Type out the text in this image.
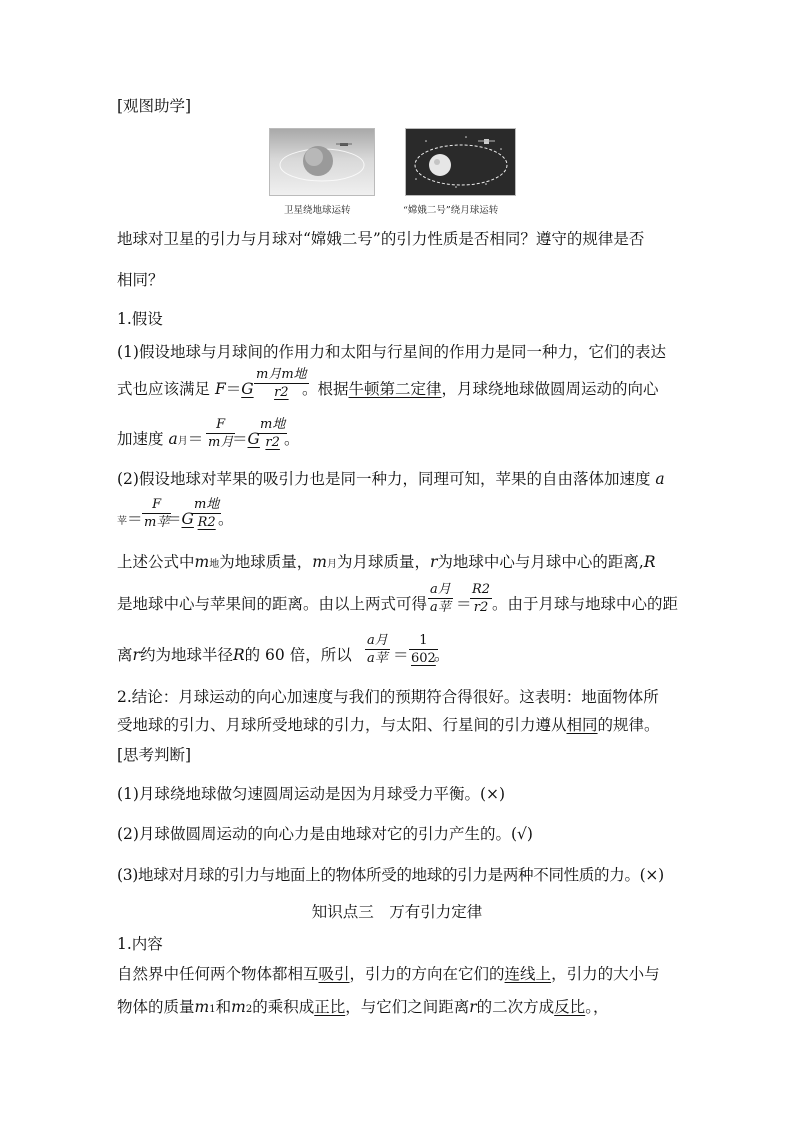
[观图助学]
卫星绕地球运转	“嫦娥二号”绕月球运转
地球对卫星的引力与月球对“嫦娥二号”的引力性质是否相同？遵守的规律是否
相同？
1.假设
(1)假设地球与月球间的作用力和太阳与行星间的作用力是同一种力，它们的表达
式也应该满足 F＝G
m月m地
r2 。根据牛顿第二定律，月球绕地球做圆周运动的向心
加速度 a月＝
F
m月
＝G
m地
r2 。
(2)假设地球对苹果的吸引力也是同一种力，同理可知，苹果的自由落体加速度 a
苹＝
F
m苹
＝G
m地
R2 。
上述公式中m地为地球质量，m月为月球质量，r为地球中心与月球中心的距离,R
是地球中心与苹果间的距离。由以上两式可得
a月
a苹 ＝
R2
r2 。由于月球与地球中心的距
离r约为地球半径R的 60 倍，所以
a月
a苹 ＝
1
602
。
2.结论：月球运动的向心加速度与我们的预期符合得很好。这表明：地面物体所
受地球的引力、月球所受地球的引力，与太阳、行星间的引力遵从相同的规律。
[思考判断]
(1)月球绕地球做匀速圆周运动是因为月球受力平衡。(×)
(2)月球做圆周运动的向心力是由地球对它的引力产生的。(√)
(3)地球对月球的引力与地面上的物体所受的地球的引力是两种不同性质的力。(×)
知识点三　万有引力定律
1.内容
自然界中任何两个物体都相互吸引，引力的方向在它们的连线上，引力的大小与
物体的质量m1和m2的乘积成正比，与它们之间距离r的二次方成反比。，
